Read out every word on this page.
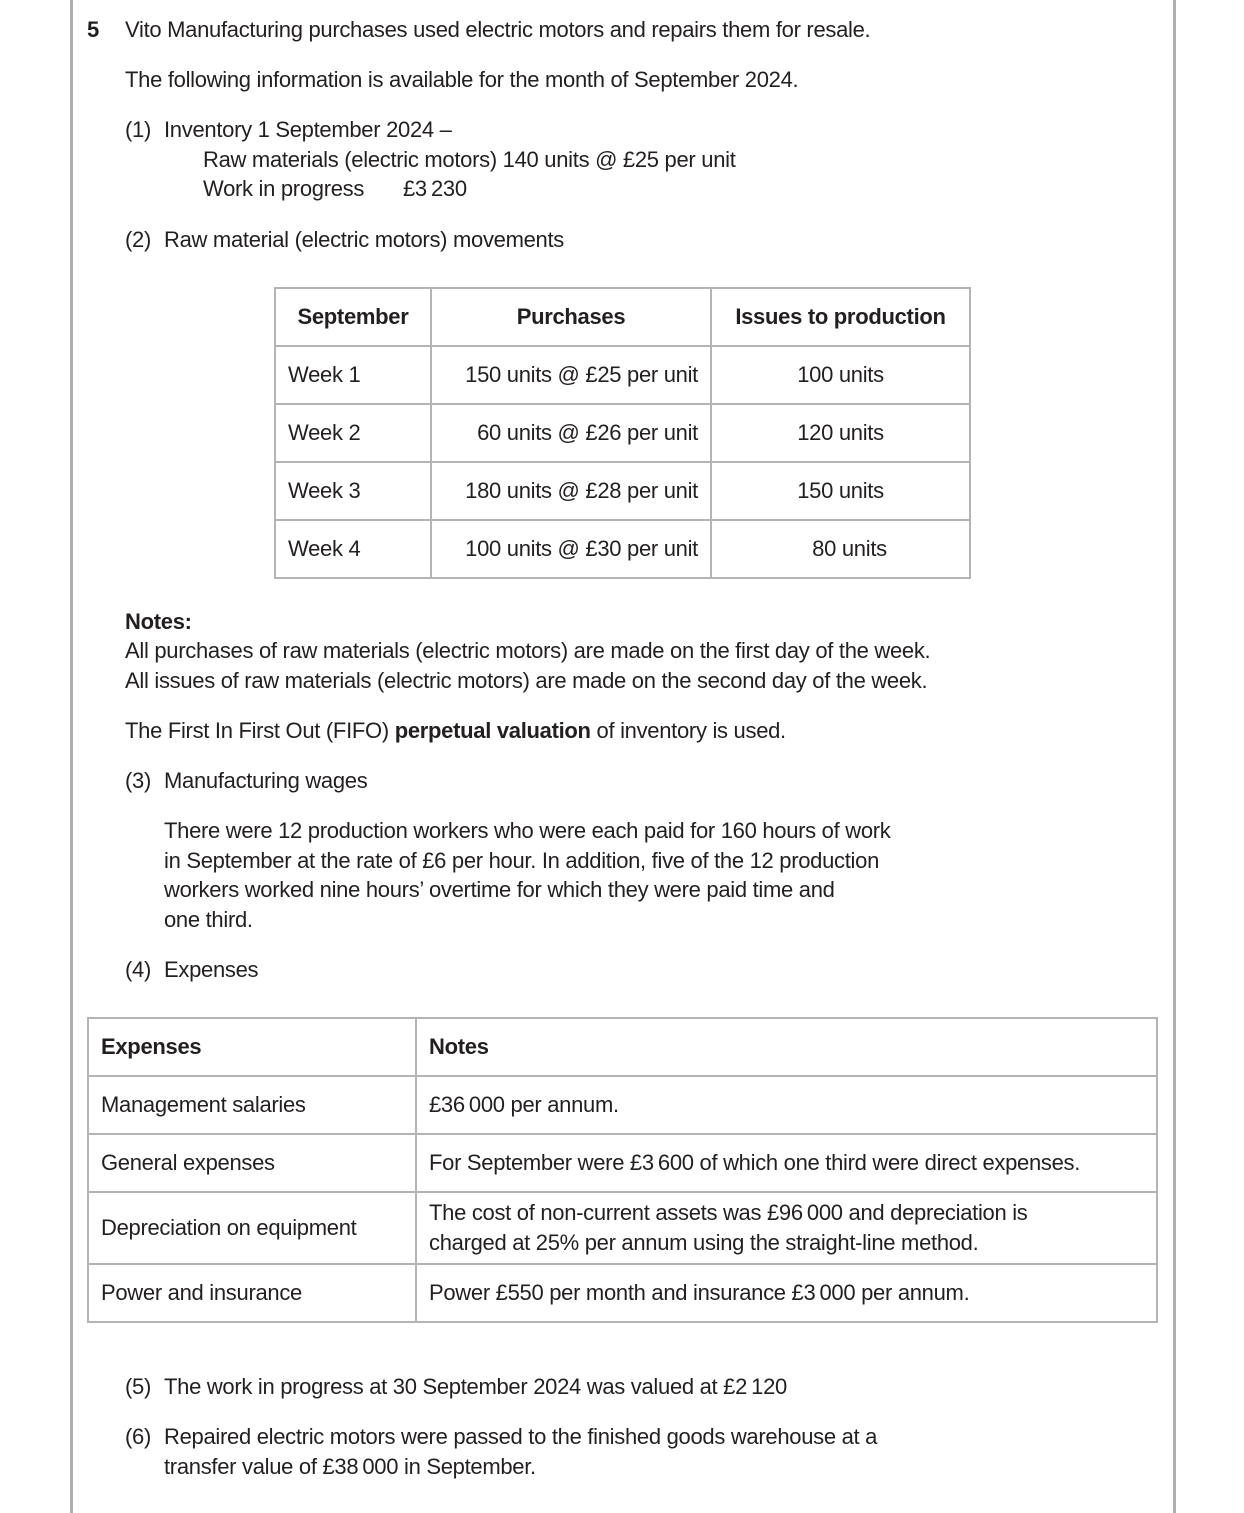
5 Vito Manufacturing purchases used electric motors and repairs them for resale.
The following information is available for the month of September 2024.
(1) Inventory 1 September 2024 –
Raw materials (electric motors) 140 units @ £25 per unit
Work in progress £3 230
(2) Raw material (electric motors) movements
September	Purchases	Issues to production
Week 1	150 units @ £25 per unit	100 units
Week 2	60 units @ £26 per unit	120 units
Week 3	180 units @ £28 per unit	150 units
Week 4	100 units @ £30 per unit	80 units
Notes:
All purchases of raw materials (electric motors) are made on the first day of the week.
All issues of raw materials (electric motors) are made on the second day of the week.
The First In First Out (FIFO) perpetual valuation of inventory is used.
(3) Manufacturing wages
There were 12 production workers who were each paid for 160 hours of work
in September at the rate of £6 per hour. In addition, five of the 12 production
workers worked nine hours’ overtime for which they were paid time and
one third.
(4) Expenses
Expenses	Notes
Management salaries	£36 000 per annum.
General expenses	For September were £3 600 of which one third were direct expenses.
Depreciation on equipment	The cost of non-current assets was £96 000 and depreciation is
charged at 25% per annum using the straight-line method.

Power and insurance	Power £550 per month and insurance £3 000 per annum.
(5) The work in progress at 30 September 2024 was valued at £2 120
(6) Repaired electric motors were passed to the finished goods warehouse at a
transfer value of £38 000 in September.
